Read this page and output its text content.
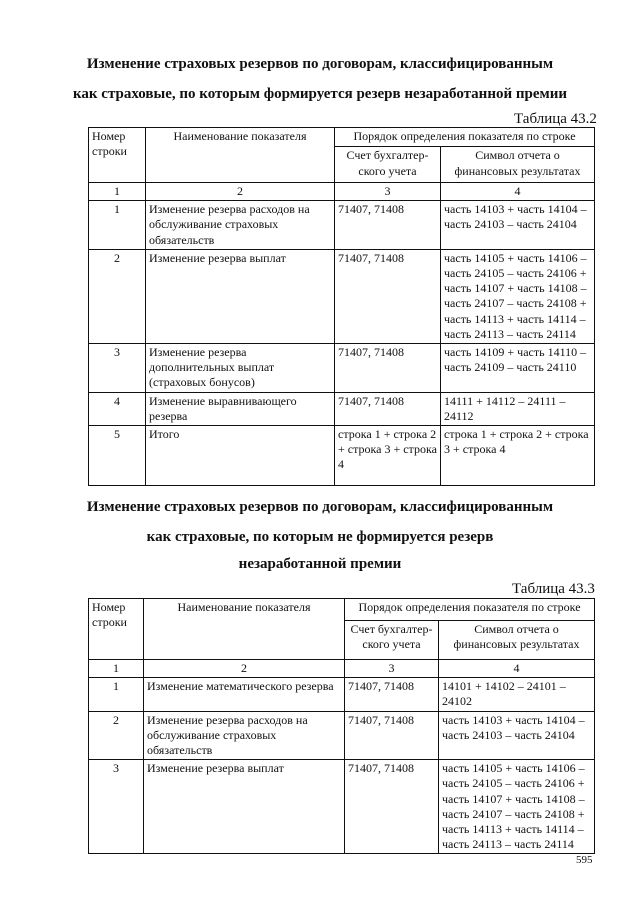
Изменение страховых резервов по договорам, классифицированным
как страховые, по которым формируется резерв незаработанной премии
Таблица 43.2
Номер строки	Наименование показателя	Порядок определения показателя по строке	
		Счет бухгалтер-ского учета	Символ отчета о финансовых результатах
1	2	3	4
1	Изменение резерва расходов на обслуживание страховых обязательств	71407, 71408	часть 14103 + часть 14104 – часть 24103 – часть 24104
2	Изменение резерва выплат	71407, 71408	часть 14105 + часть 14106 – часть 24105 – часть 24106 + часть 14107 + часть 14108 – часть 24107 – часть 24108 + часть 14113 + часть 14114 – часть 24113 – часть 24114
3	Изменение резерва дополнительных выплат (страховых бонусов)	71407, 71408	часть 14109 + часть 14110 – часть 24109 – часть 24110
4	Изменение выравнивающего резерва	71407, 71408	14111 + 14112 – 24111 – 24112
5	Итого	строка 1 + строка 2 + строка 3 + строка 4	строка 1 + строка 2 + строка 3 + строка 4
Изменение страховых резервов по договорам, классифицированным
как страховые, по которым не формируется резерв
незаработанной премии
Таблица 43.3
Номер строки	Наименование показателя	Порядок определения показателя по строке	
		Счет бухгалтер-ского учета	Символ отчета о финансовых результатах
1	2	3	4
1	Изменение математического резерва	71407, 71408	14101 + 14102 – 24101 – 24102
2	Изменение резерва расходов на обслуживание страховых обязательств	71407, 71408	часть 14103 + часть 14104 – часть 24103 – часть 24104
3	Изменение резерва выплат	71407, 71408	часть 14105 + часть 14106 – часть 24105 – часть 24106 + часть 14107 + часть 14108 – часть 24107 – часть 24108 + часть 14113 + часть 14114 – часть 24113 – часть 24114
595
